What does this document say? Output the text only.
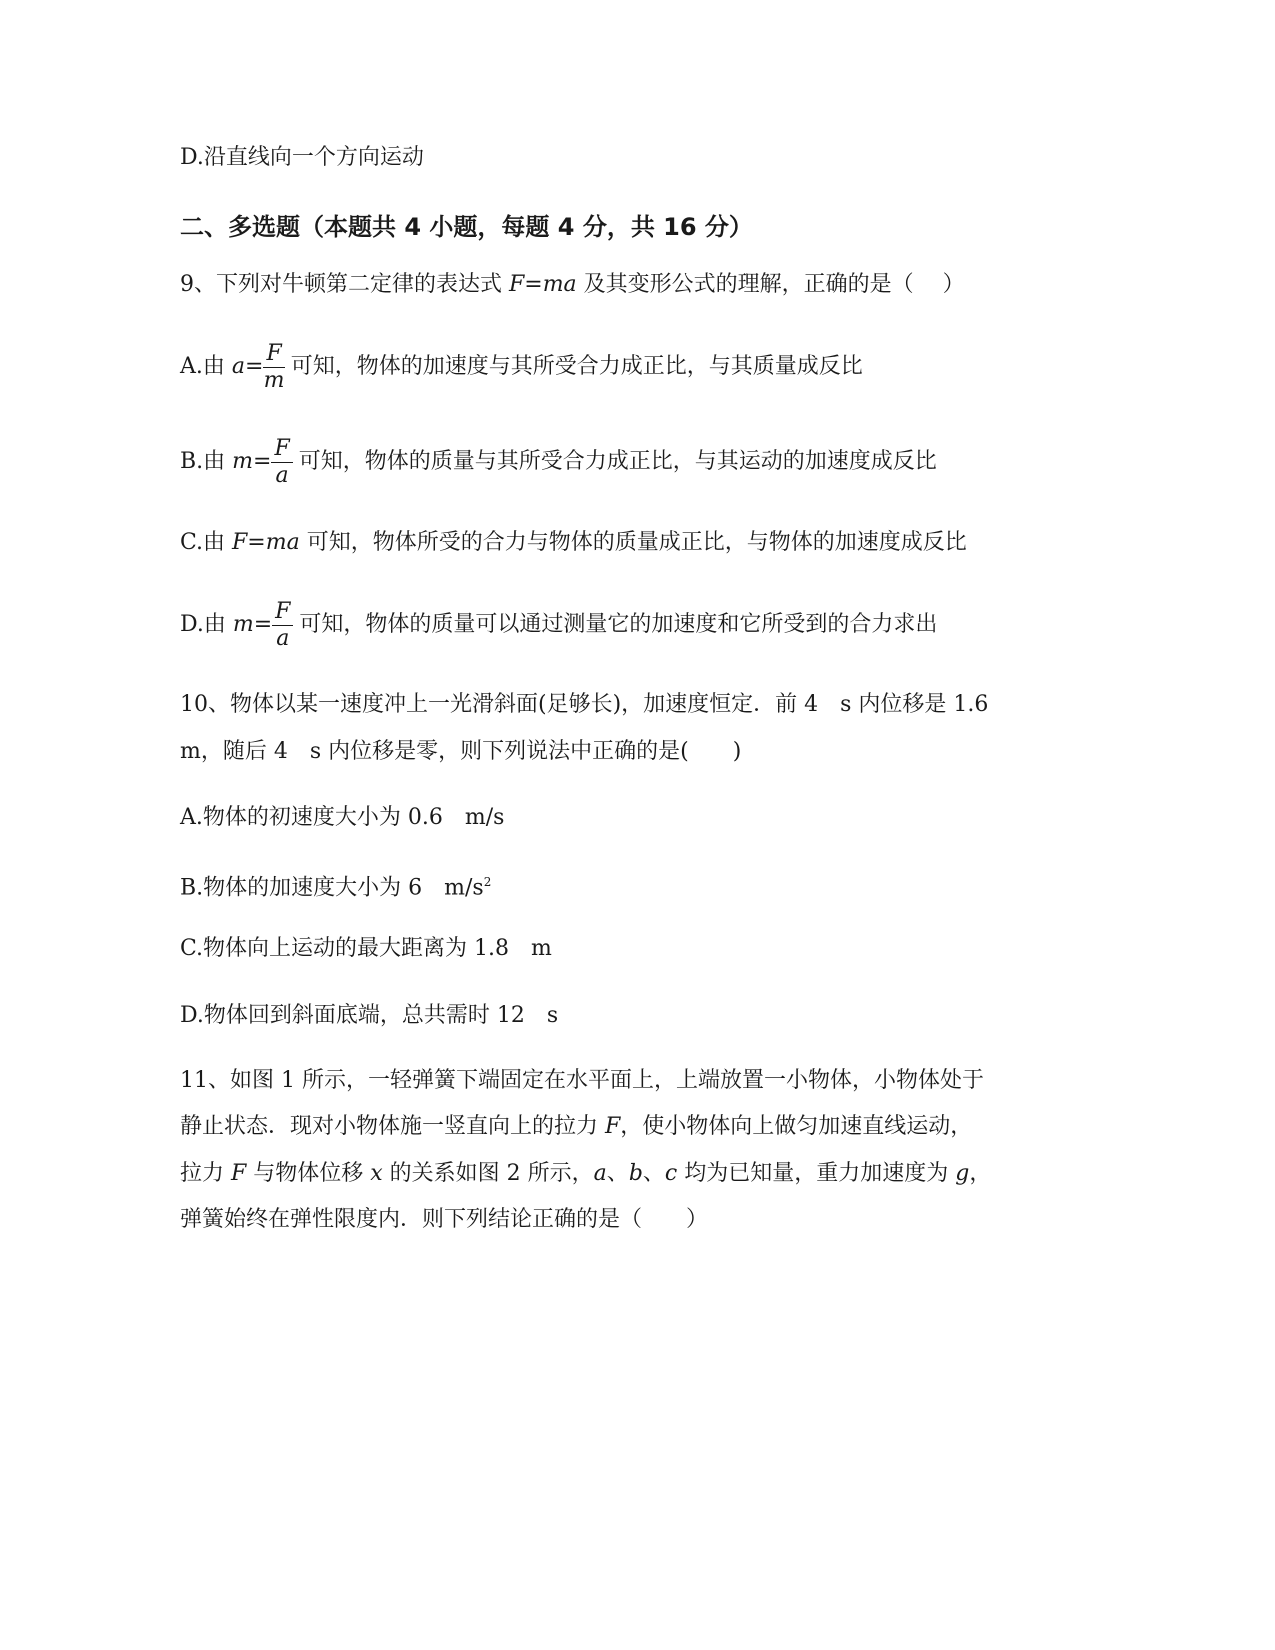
D.沿直线向一个方向运动
二、多选题（本题共 4 小题，每题 4 分，共 16 分）
9、下列对牛顿第二定律的表达式 F=ma 及其变形公式的理解，正确的是（　 ）
A.由 $a= \frac{F}{m}$ 可知，物体的加速度与其所受合力成正比，与其质量成反比
B.由 $m= \frac{F}{a}$ 可知，物体的质量与其所受合力成正比，与其运动的加速度成反比
C.由 F=ma 可知，物体所受的合力与物体的质量成正比，与物体的加速度成反比
D.由 $m= \frac{F}{a}$ 可知，物体的质量可以通过测量它的加速度和它所受到的合力求出
10、物体以某一速度冲上一光滑斜面(足够长)，加速度恒定．前 4　s 内位移是 1.6
m，随后 4　s 内位移是零，则下列说法中正确的是(　　)
A.物体的初速度大小为 0.6　m/s
B.物体的加速度大小为 6　$m/s^2$
C.物体向上运动的最大距离为 1.8　m
D.物体回到斜面底端，总共需时 12　s
11、如图 1 所示，一轻弹簧下端固定在水平面上，上端放置一小物体，小物体处于
静止状态．现对小物体施一竖直向上的拉力 F，使小物体向上做匀加速直线运动，
拉力 F 与物体位移 x 的关系如图 2 所示，a、b、c 均为已知量，重力加速度为 g，
弹簧始终在弹性限度内．则下列结论正确的是（　　）
